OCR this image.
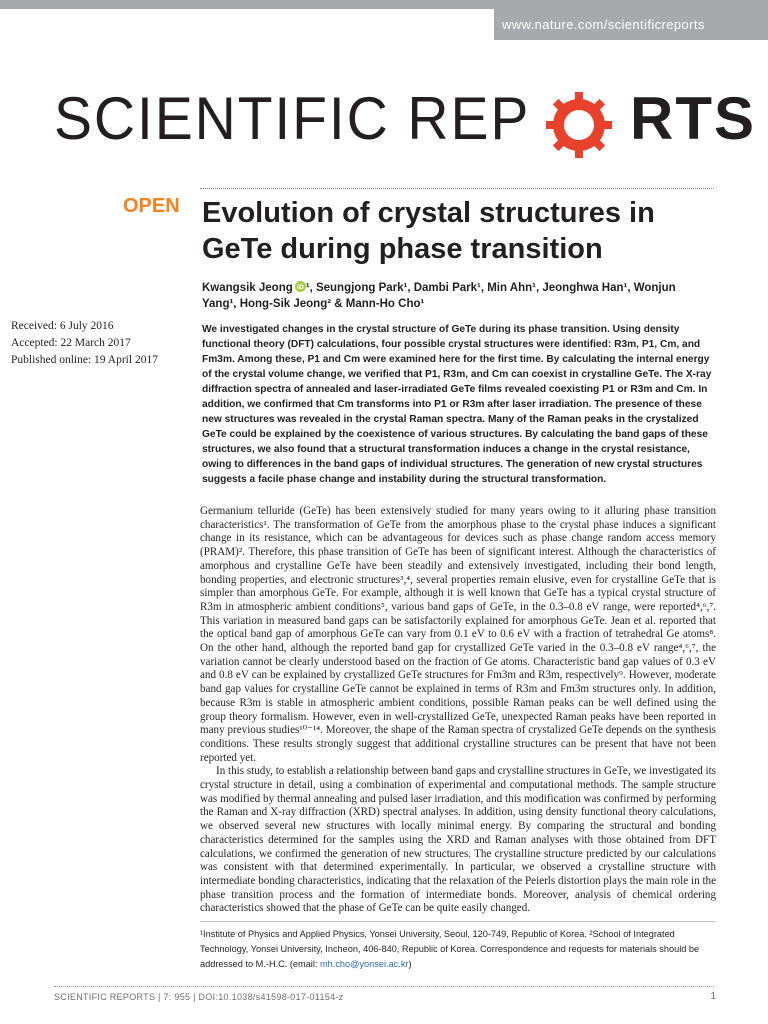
www.nature.com/scientificreports
SCIENTIFIC REP RTS
OPEN Evolution of crystal structures in GeTe during phase transition
Kwangsik Jeong iD ¹, Seungjong Park¹, Dambi Park¹, Min Ahn¹, Jeonghwa Han¹, Wonjun
Yang¹, Hong-Sik Jeong² & Mann-Ho Cho¹
Received: 6 July 2016
Accepted: 22 March 2017
Published online: 19 April 2017
We investigated changes in the crystal structure of GeTe during its phase transition. Using density functional theory (DFT) calculations, four possible crystal structures were identified: R3m, P1, Cm, and Fm3m. Among these, P1 and Cm were examined here for the first time. By calculating the internal energy of the crystal volume change, we verified that P1, R3m, and Cm can coexist in crystalline GeTe. The X-ray diffraction spectra of annealed and laser-irradiated GeTe films revealed coexisting P1 or R3m and Cm. In addition, we confirmed that Cm transforms into P1 or R3m after laser irradiation. The presence of these new structures was revealed in the crystal Raman spectra. Many of the Raman peaks in the crystalized GeTe could be explained by the coexistence of various structures. By calculating the band gaps of these structures, we also found that a structural transformation induces a change in the crystal resistance, owing to differences in the band gaps of individual structures. The generation of new crystal structures suggests a facile phase change and instability during the structural transformation.

Germanium telluride (GeTe) has been extensively studied for many years owing to it alluring phase transition characteristics¹. The transformation of GeTe from the amorphous phase to the crystal phase induces a significant change in its resistance, which can be advantageous for devices such as phase change random access memory (PRAM)². Therefore, this phase transition of GeTe has been of significant interest. Although the characteristics of amorphous and crystalline GeTe have been steadily and extensively investigated, including their bond length, bonding properties, and electronic structures³,⁴, several properties remain elusive, even for crystalline GeTe that is simpler than amorphous GeTe. For example, although it is well known that GeTe has a typical crystal structure of R3m in atmospheric ambient conditions⁵, various band gaps of GeTe, in the 0.3–0.8 eV range, were reported⁴,⁶,⁷. This variation in measured band gaps can be satisfactorily explained for amorphous GeTe. Jean et al. reported that the optical band gap of amorphous GeTe can vary from 0.1 eV to 0.6 eV with a fraction of tetrahedral Ge atoms⁸. On the other hand, although the reported band gap for crystallized GeTe varied in the 0.3–0.8 eV range⁴,⁶,⁷, the variation cannot be clearly understood based on the fraction of Ge atoms. Characteristic band gap values of 0.3 eV and 0.8 eV can be explained by crystallized GeTe structures for Fm3m and R3m, respectively⁹. However, moderate band gap values for crystalline GeTe cannot be explained in terms of R3m and Fm3m structures only. In addition, because R3m is stable in atmospheric ambient conditions, possible Raman peaks can be well defined using the group theory formalism. However, even in well-crystallized GeTe, unexpected Raman peaks have been reported in many previous studies¹⁰⁻¹⁴. Moreover, the shape of the Raman spectra of crystalized GeTe depends on the synthesis conditions. These results strongly suggest that additional crystalline structures can be present that have not been reported yet.

In this study, to establish a relationship between band gaps and crystalline structures in GeTe, we investigated its crystal structure in detail, using a combination of experimental and computational methods. The sample structure was modified by thermal annealing and pulsed laser irradiation, and this modification was confirmed by performing the Raman and X-ray diffraction (XRD) spectral analyses. In addition, using density functional theory calculations, we observed several new structures with locally minimal energy. By comparing the structural and bonding characteristics determined for the samples using the XRD and Raman analyses with those obtained from DFT calculations, we confirmed the generation of new structures. The crystalline structure predicted by our calculations was consistent with that determined experimentally. In particular, we observed a crystalline structure with intermediate bonding characteristics, indicating that the relaxation of the Peierls distortion plays the main role in the phase transition process and the formation of intermediate bonds. Moreover, analysis of chemical ordering characteristics showed that the phase of GeTe can be quite easily changed.

¹Institute of Physics and Applied Physics, Yonsei University, Seoul, 120-749, Republic of Korea. ²School of Integrated Technology, Yonsei University, Incheon, 406-840, Republic of Korea. Correspondence and requests for materials should be addressed to M.-H.C. (email: mh.cho@yonsei.ac.kr)
SCIENTIFIC REPORTS | 7: 955 | DOI:10.1038/s41598-017-01154-z	1
